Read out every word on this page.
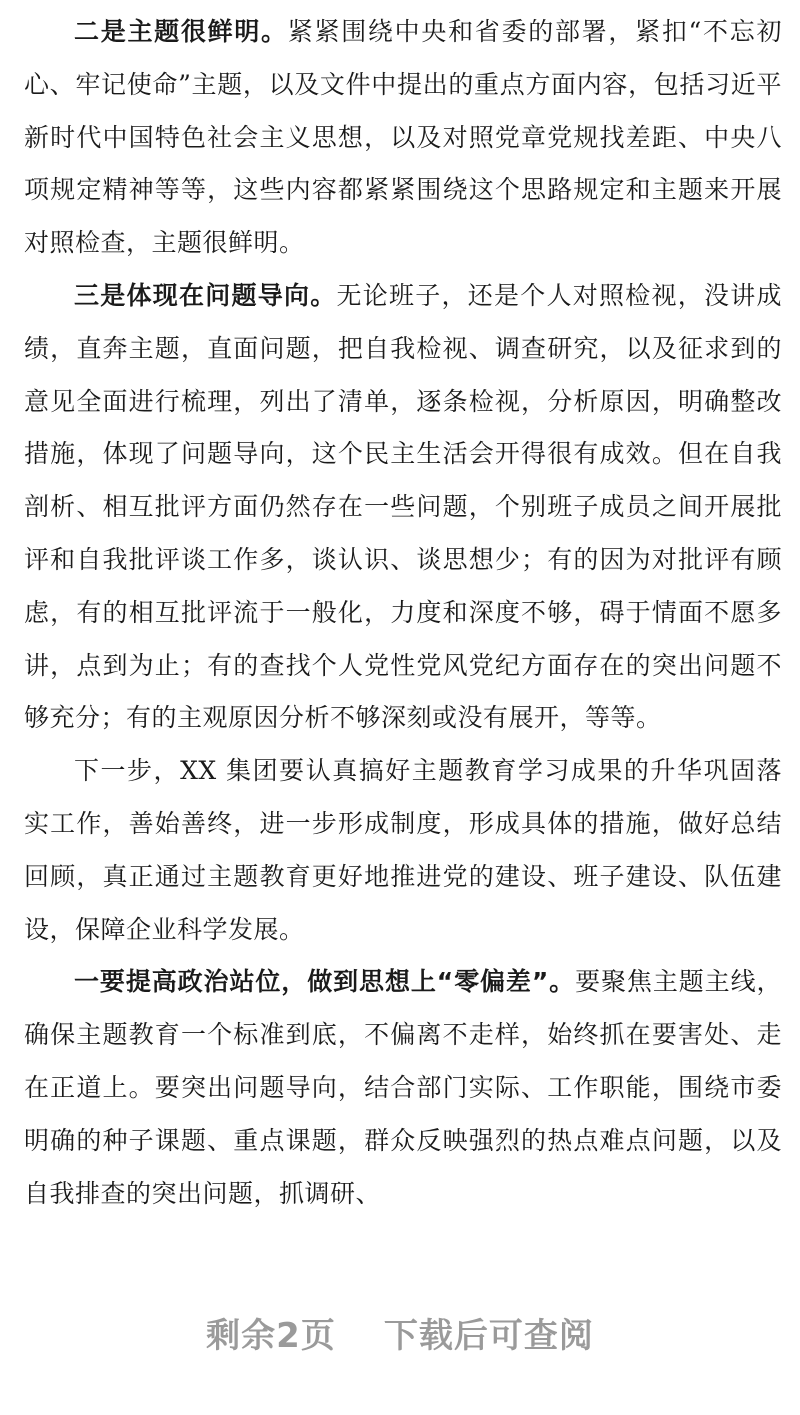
二是主题很鲜明。紧紧围绕中央和省委的部署，紧扣“不忘初心、牢记使命”主题，以及文件中提出的重点方面内容，包括习近平新时代中国特色社会主义思想，以及对照党章党规找差距、中央八项规定精神等等，这些内容都紧紧围绕这个思路规定和主题来开展对照检查，主题很鲜明。

三是体现在问题导向。无论班子，还是个人对照检视，没讲成绩，直奔主题，直面问题，把自我检视、调查研究，以及征求到的意见全面进行梳理，列出了清单，逐条检视，分析原因，明确整改措施，体现了问题导向，这个民主生活会开得很有成效。但在自我剖析、相互批评方面仍然存在一些问题，个别班子成员之间开展批评和自我批评谈工作多，谈认识、谈思想少；有的因为对批评有顾虑，有的相互批评流于一般化，力度和深度不够，碍于情面不愿多讲，点到为止；有的查找个人党性党风党纪方面存在的突出问题不够充分；有的主观原因分析不够深刻或没有展开，等等。

下一步，XX 集团要认真搞好主题教育学习成果的升华巩固落实工作，善始善终，进一步形成制度，形成具体的措施，做好总结回顾，真正通过主题教育更好地推进党的建设、班子建设、队伍建设，保障企业科学发展。

一要提高政治站位，做到思想上“零偏差”。要聚焦主题主线，确保主题教育一个标准到底，不偏离不走样，始终抓在要害处、走在正道上。要突出问题导向，结合部门实际、工作职能，围绕市委明确的种子课题、重点课题，群众反映强烈的热点难点问题，以及自我排查的突出问题，抓调研、

剩余2页 下载后可查阅
